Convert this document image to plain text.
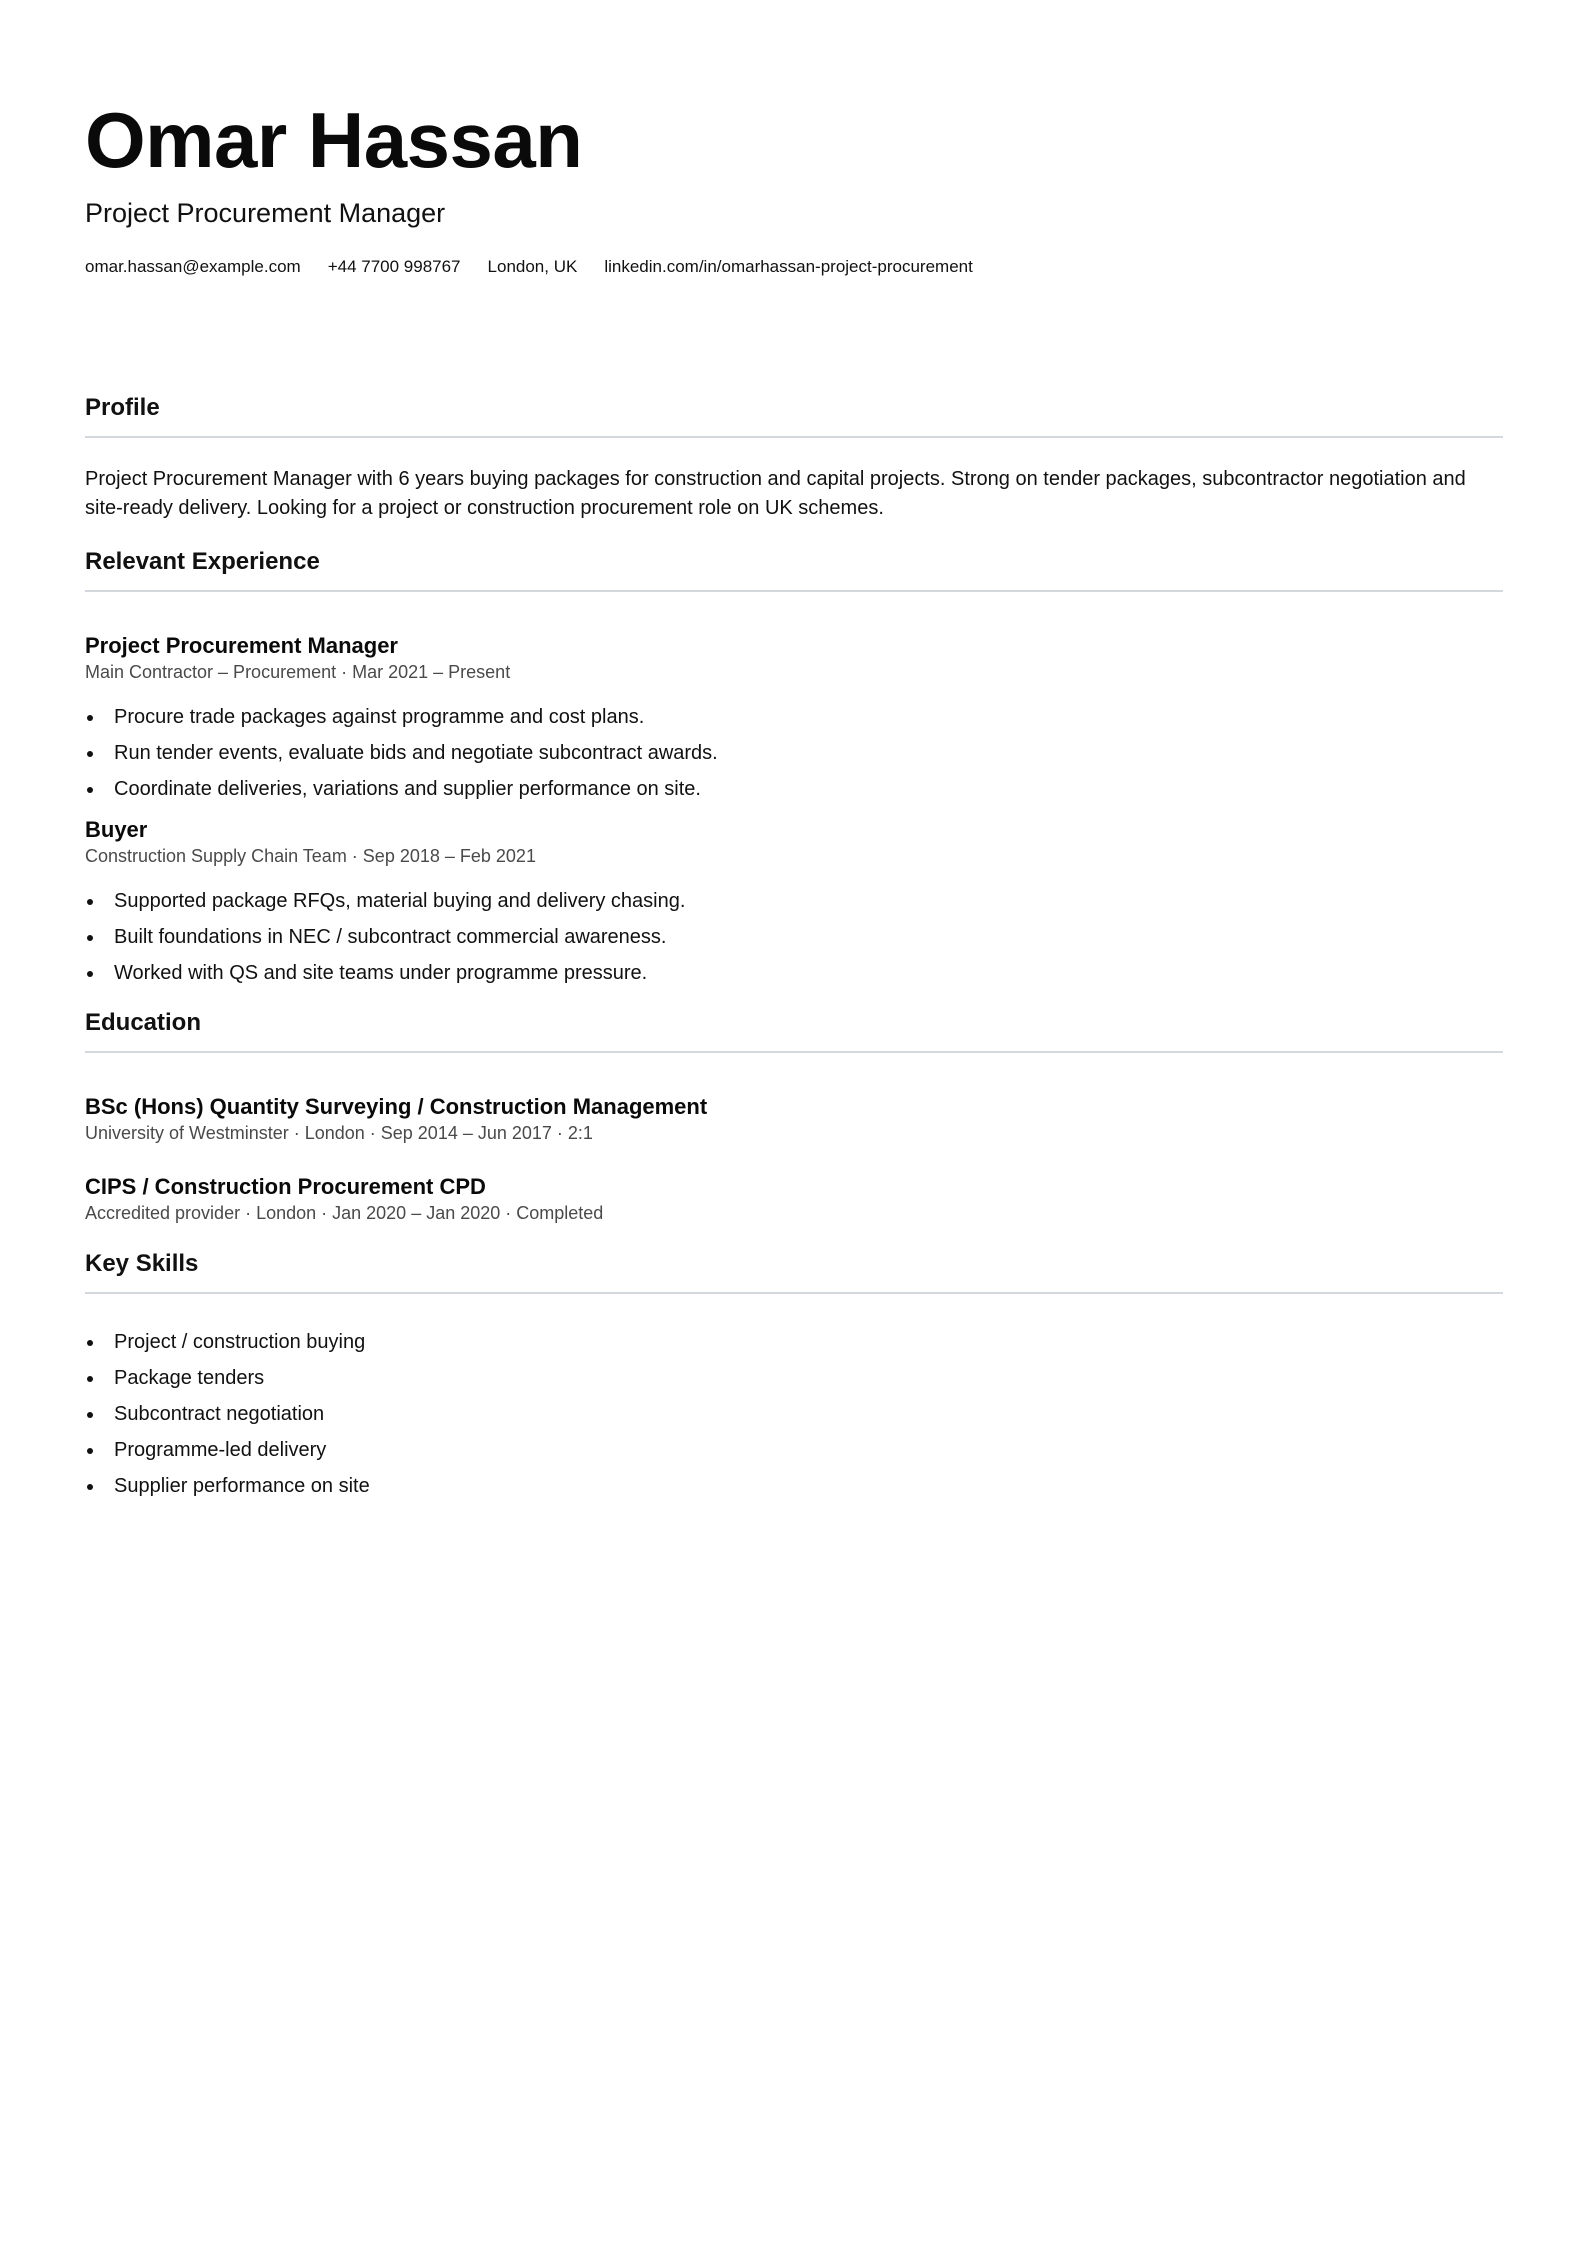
Omar Hassan
Project Procurement Manager
omar.hassan@example.com +44 7700 998767 London, UK linkedin.com/in/omarhassan-project-procurement
Profile

Project Procurement Manager with 6 years buying packages for construction and capital projects. Strong on tender packages, subcontractor negotiation and site-ready delivery. Looking for a project or construction procurement role on UK schemes.

Relevant Experience
Project Procurement Manager
Main Contractor – Procurement · Mar 2021 – Present
Procure trade packages against programme and cost plans.
Run tender events, evaluate bids and negotiate subcontract awards.
Coordinate deliveries, variations and supplier performance on site.
Buyer
Construction Supply Chain Team · Sep 2018 – Feb 2021
Supported package RFQs, material buying and delivery chasing.
Built foundations in NEC / subcontract commercial awareness.
Worked with QS and site teams under programme pressure.
Education
BSc (Hons) Quantity Surveying / Construction Management
University of Westminster · London · Sep 2014 – Jun 2017 · 2:1
CIPS / Construction Procurement CPD
Accredited provider · London · Jan 2020 – Jan 2020 · Completed
Key Skills
Project / construction buying
Package tenders
Subcontract negotiation
Programme-led delivery
Supplier performance on site
